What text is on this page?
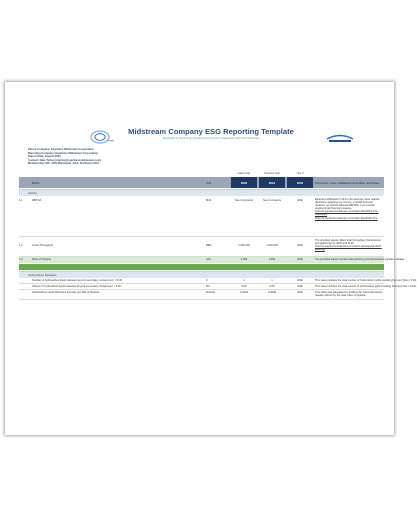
Midstream Company ESG Reporting Template
Developed by the Energy Infrastructure Council in collaboration with GPA Midstream
Parent Company: Equitrans Midstream Corporation
Reporting Company: Equitrans Midstream Corporation
Report Date: August 2021
Contact: Nate Tetlow (ntetlow@equitransmidstream.com)
Membership: EIC, GPA Midstream, AGA, Northeast AGA
Latest Year	Previous Year	Year 3
Metric	Unit	2020	2019	2018	Comments, Links, Additional Information, and Notes
Activity
1.1	EBITDA	$US	See Comments	See Comments	ENE	Equitrans Midstream's 10-K is its earnings news release disclosing regarding net income, a GAAP financial measure, as well as adjusted EBITDA, a non-GAAP supplemental financial measure.
https://ir.equitransmidstream.com/static-files/2019-10-k-midstream
https://ir.equitransmidstream.com/static-files/2020-10-k
1.2	Gross Throughput	BBtu	1,062,000	1,004,000	ENE
The provided values reflect total throughput (transmission and gathering) for 2020 and 2019.
https://ir.equitransmidstream.com/news-releases/q4-2020-earnings
1.3	Miles of Pipeline	mile	2,090	2,090	ENE	The provided values include total gathering and transmission pipeline mileage.
Hydrocarbon Releases
Number of hydrocarbon liquid releases beyond secondary containment > 5 bbl	#	1	1	ENE	This value includes the total number of hydrocarbon spills resulting from any flow ≥ 5 bbl.
Volume of hydrocarbon liquid releases beyond secondary containment > 5 bbl	bbl	6.05	6.00	ENE	This value includes the total volume of hydrocarbon spills resulting from any flow ≥ 5 bbl.
Hydrocarbon Liquid Releases Intensity per Mile of Pipeline	bbl/mile	0.0029	0.0029	ENE	This value was calculated by dividing the total hydrocarbon release volume by the total miles of pipeline.
